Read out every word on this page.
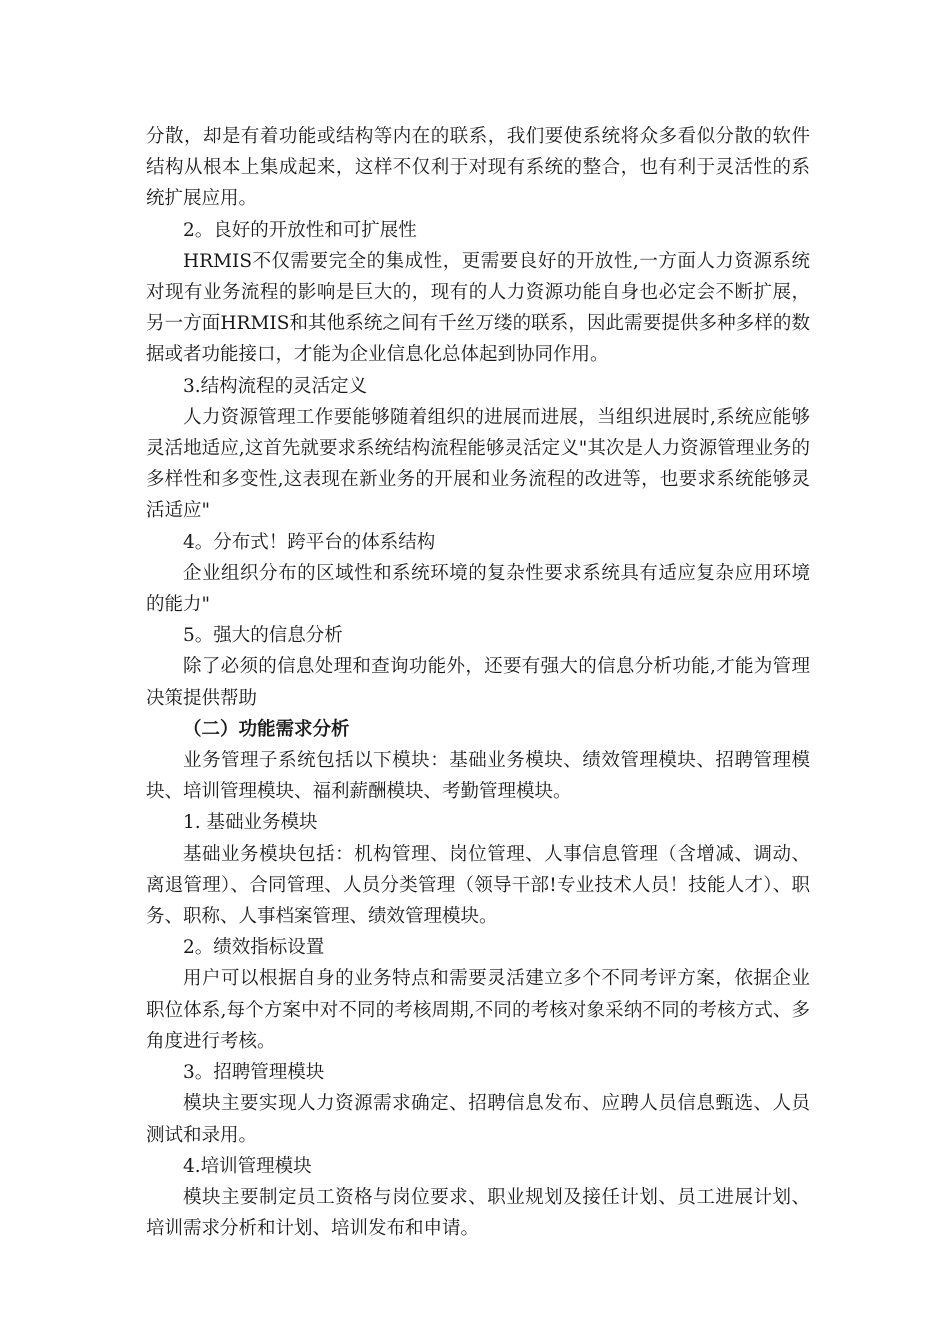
分散，却是有着功能或结构等内在的联系，我们要使系统将众多看似分散的软件结构从根本上集成起来，这样不仅利于对现有系统的整合，也有利于灵活性的系统扩展应用。

2。良好的开放性和可扩展性

HRMIS不仅需要完全的集成性，更需要良好的开放性,一方面人力资源系统对现有业务流程的影响是巨大的，现有的人力资源功能自身也必定会不断扩展，另一方面HRMIS和其他系统之间有千丝万缕的联系，因此需要提供多种多样的数据或者功能接口，才能为企业信息化总体起到协同作用。

3.结构流程的灵活定义

人力资源管理工作要能够随着组织的进展而进展，当组织进展时,系统应能够灵活地适应,这首先就要求系统结构流程能够灵活定义"其次是人力资源管理业务的多样性和多变性,这表现在新业务的开展和业务流程的改进等，也要求系统能够灵活适应"

4。分布式！跨平台的体系结构

企业组织分布的区域性和系统环境的复杂性要求系统具有适应复杂应用环境的能力"

5。强大的信息分析

除了必须的信息处理和查询功能外，还要有强大的信息分析功能,才能为管理决策提供帮助

（二）功能需求分析

业务管理子系统包括以下模块：基础业务模块、绩效管理模块、招聘管理模块、培训管理模块、福利薪酬模块、考勤管理模块。

1. 基础业务模块

基础业务模块包括：机构管理、岗位管理、人事信息管理（含增减、调动、离退管理）、合同管理、人员分类管理（领导干部!专业技术人员！技能人才）、职务、职称、人事档案管理、绩效管理模块。

2。绩效指标设置

用户可以根据自身的业务特点和需要灵活建立多个不同考评方案，依据企业职位体系,每个方案中对不同的考核周期,不同的考核对象采纳不同的考核方式、多角度进行考核。

3。招聘管理模块

模块主要实现人力资源需求确定、招聘信息发布、应聘人员信息甄选、人员测试和录用。

4.培训管理模块

模块主要制定员工资格与岗位要求、职业规划及接任计划、员工进展计划、培训需求分析和计划、培训发布和申请。
